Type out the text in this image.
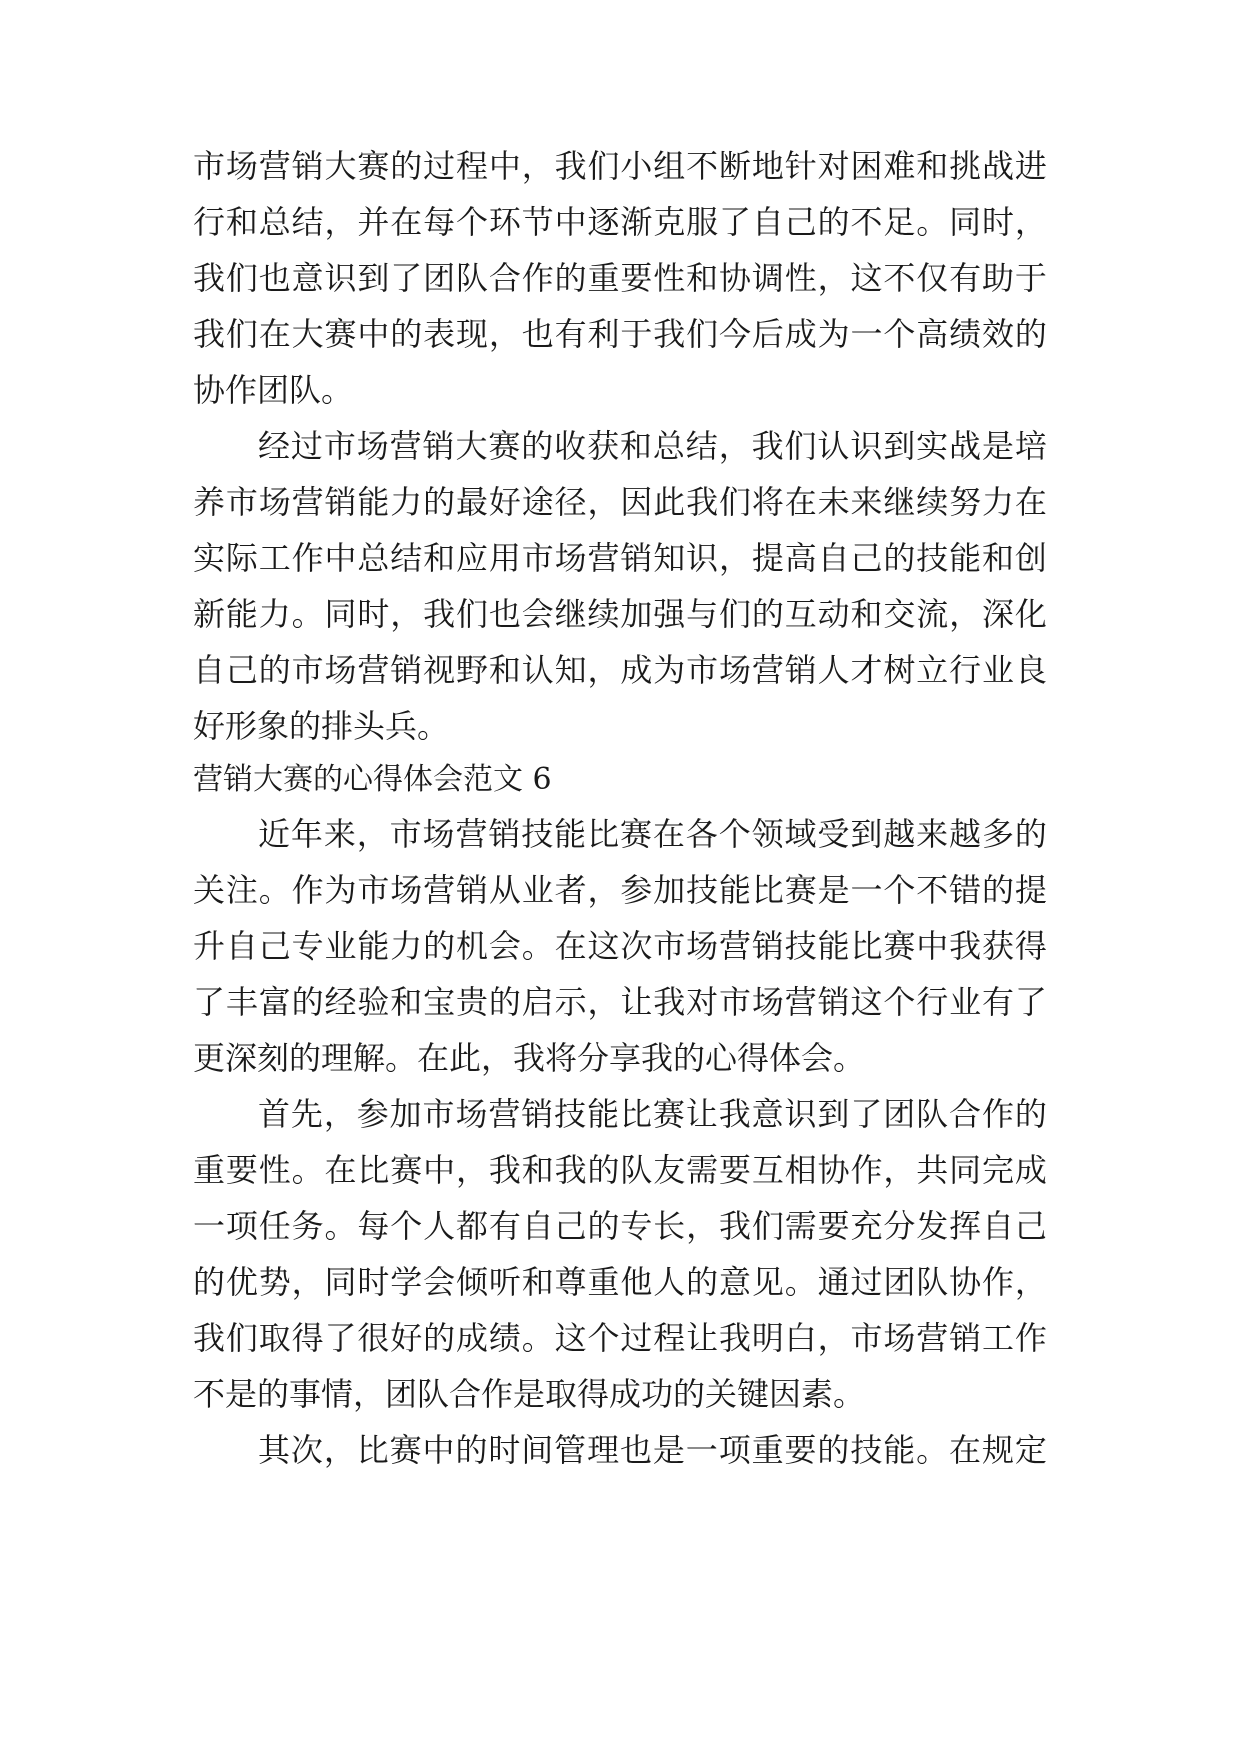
市 场 营 销 大 赛 的 过 程 中 ， 我 们 小 组 不 断 地 针 对 困 难 和 挑 战 进

行 和 总 结 ， 并 在 每 个 环 节 中 逐 渐 克 服 了 自 己 的 不 足 。 同 时 ，

我 们 也 意 识 到 了 团 队 合 作 的 重 要 性 和 协 调 性 ， 这 不 仅 有 助 于

我 们 在 大 赛 中 的 表 现 ， 也 有 利 于 我 们 今 后 成 为 一 个 高 绩 效 的

协作团队。

经 过 市 场 营 销 大 赛 的 收 获 和 总 结 ， 我 们 认 识 到 实 战 是 培

养 市 场 营 销 能 力 的 最 好 途 径 ， 因 此 我 们 将 在 未 来 继 续 努 力 在

实 际 工 作 中 总 结 和 应 用 市 场 营 销 知 识 ， 提 高 自 己 的 技 能 和 创

新 能 力 。 同 时 ， 我 们 也 会 继 续 加 强 与 们 的 互 动 和 交 流 ， 深 化

自 己 的 市 场 营 销 视 野 和 认 知 ， 成 为 市 场 营 销 人 才 树 立 行 业 良

好形象的排头兵。

营销大赛的心得体会范文 6

近 年 来 ， 市 场 营 销 技 能 比 赛 在 各 个 领 域 受 到 越 来 越 多 的

关 注 。 作 为 市 场 营 销 从 业 者 ， 参 加 技 能 比 赛 是 一 个 不 错 的 提

升 自 己 专 业 能 力 的 机 会 。 在 这 次 市 场 营 销 技 能 比 赛 中 我 获 得

了 丰 富 的 经 验 和 宝 贵 的 启 示 ， 让 我 对 市 场 营 销 这 个 行 业 有 了

更深刻的理解。在此，我将分享我的心得体会。

首 先 ， 参 加 市 场 营 销 技 能 比 赛 让 我 意 识 到 了 团 队 合 作 的

重 要 性 。 在 比 赛 中 ， 我 和 我 的 队 友 需 要 互 相 协 作 ， 共 同 完 成

一 项 任 务 。 每 个 人 都 有 自 己 的 专 长 ， 我 们 需 要 充 分 发 挥 自 己

的 优 势 ， 同 时 学 会 倾 听 和 尊 重 他 人 的 意 见 。 通 过 团 队 协 作 ，

我 们 取 得 了 很 好 的 成 绩 。 这 个 过 程 让 我 明 白 ， 市 场 营 销 工 作

不是的事情，团队合作是取得成功的关键因素。

其 次 ， 比 赛 中 的 时 间 管 理 也 是 一 项 重 要 的 技 能 。 在 规 定
